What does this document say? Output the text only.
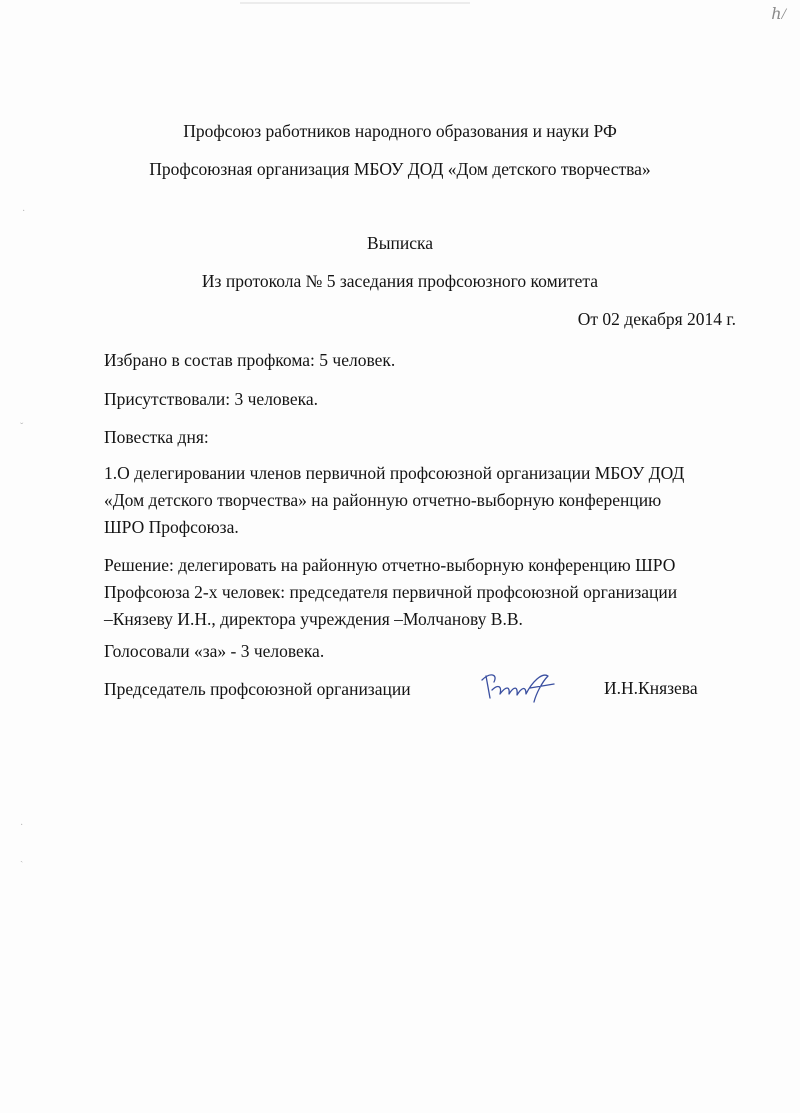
ℎ/
·
ˇ
·
ˎ
Профсоюз работников народного образования и науки РФ
Профсоюзная организация МБОУ ДОД «Дом детского творчества»
Выписка
Из протокола № 5 заседания профсоюзного комитета
От 02 декабря 2014 г.
Избрано в состав профкома: 5 человек.
Присутствовали: 3 человека.
Повестка дня:
1.О делегировании членов первичной профсоюзной организации МБОУ ДОД
«Дом детского творчества» на районную отчетно-выборную конференцию
ШРО Профсоюза.
Решение: делегировать на районную отчетно-выборную конференцию ШРО
Профсоюза 2-х человек: председателя первичной профсоюзной организации
–Князеву И.Н., директора учреждения –Молчанову В.В.
Голосовали «за» - 3 человека.
Председатель профсоюзной организации	И.Н.Князева
